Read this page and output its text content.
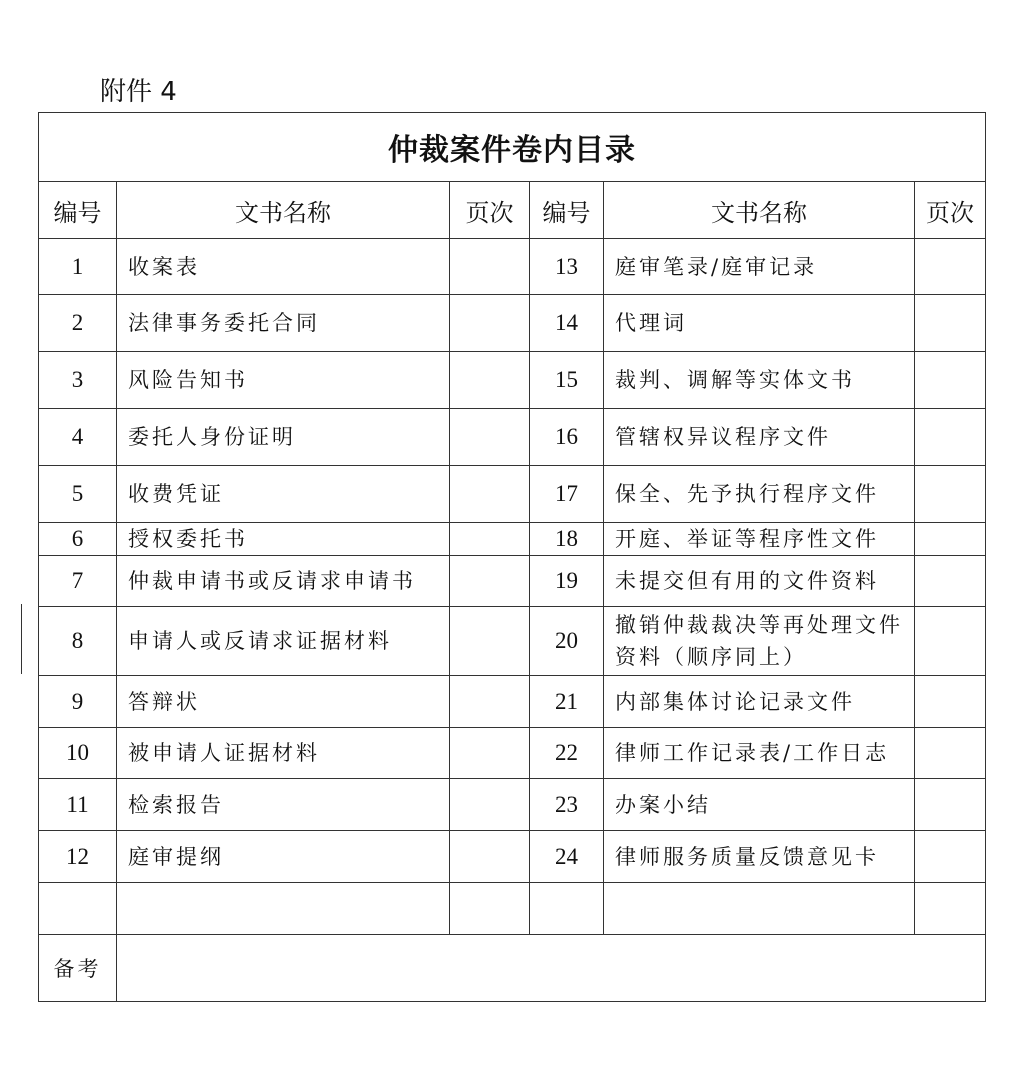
附件 4
仲裁案件卷内目录					
编号	文书名称	页次	编号	文书名称	页次
1	收案表		13	庭审笔录/庭审记录	
2	法律事务委托合同		14	代理词	
3	风险告知书		15	裁判、调解等实体文书	
4	委托人身份证明		16	管辖权异议程序文件	
5	收费凭证		17	保全、先予执行程序文件	
6	授权委托书		18	开庭、举证等程序性文件	
7	仲裁申请书或反请求申请书		19	未提交但有用的文件资料	
8	申请人或反请求证据材料		20	撤销仲裁裁决等再处理文件资料（顺序同上）	
9	答辩状		21	内部集体讨论记录文件	
10	被申请人证据材料		22	律师工作记录表/工作日志	
11	检索报告		23	办案小结	
12	庭审提纲		24	律师服务质量反馈意见卡	

备考					
